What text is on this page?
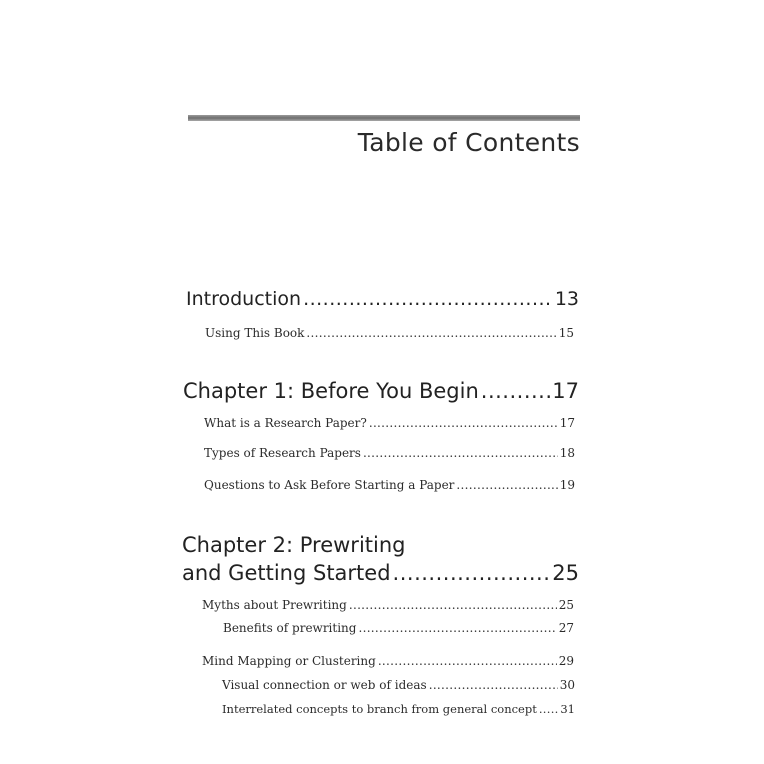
Table of Contents
Introduction .....	13
Using This Book .....	15
Chapter 1: Before You Begin .....	17
What is a Research Paper? .....	17
Types of Research Papers .....	18
Questions to Ask Before Starting a Paper .....	19
Chapter 2: Prewriting
and Getting Started .....	25
Myths about Prewriting .....	25
Benefits of prewriting .....	27
Mind Mapping or Clustering .....	29
Visual connection or web of ideas .....	30
Interrelated concepts to branch from general concept ..... 31
